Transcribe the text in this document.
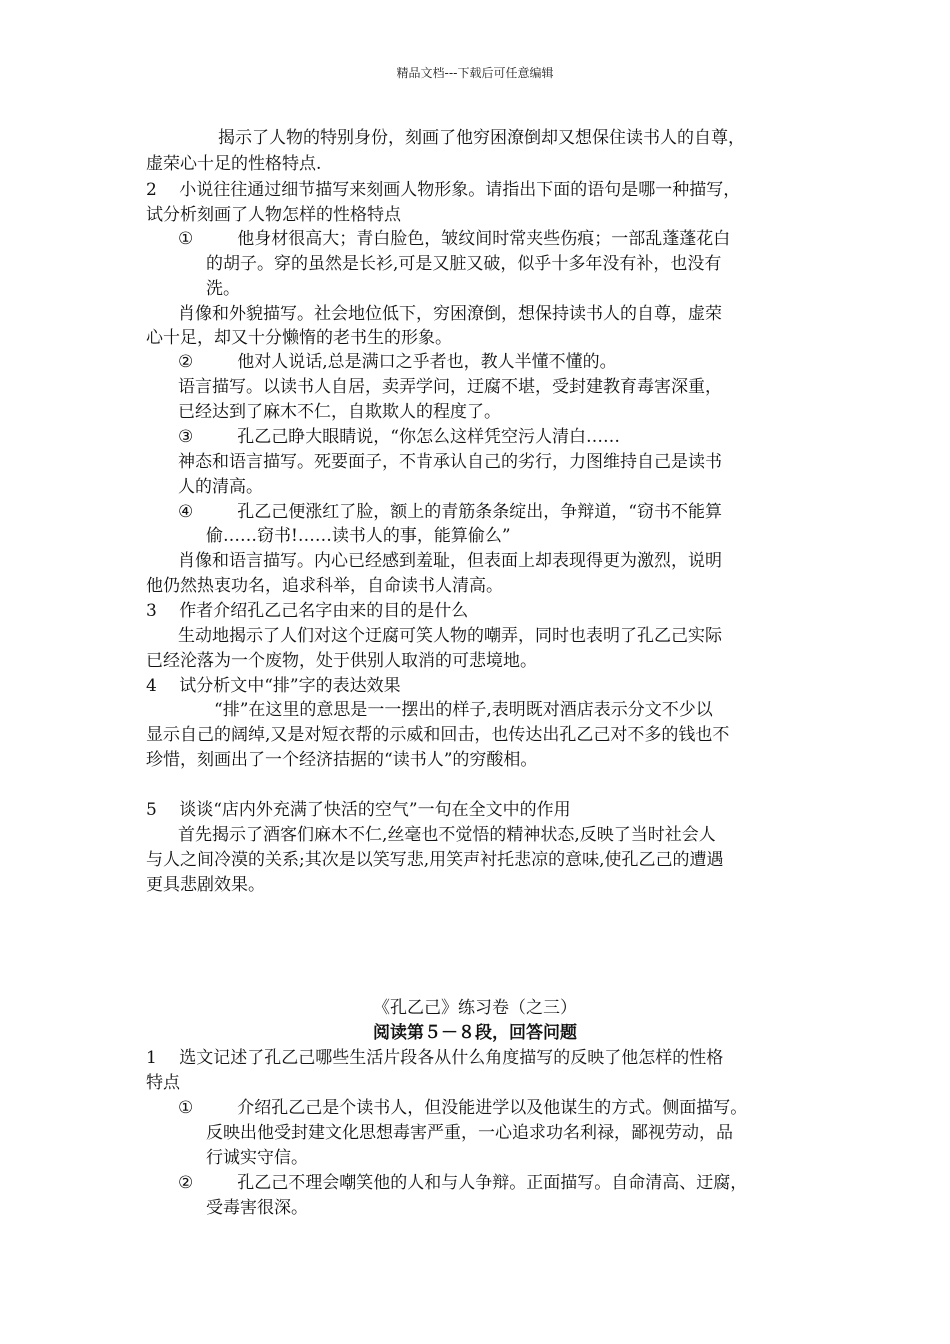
精品文档---下载后可任意编辑
揭示了人物的特别身份，刻画了他穷困潦倒却又想保住读书人的自尊，
虚荣心十足的性格特点.
2　 小说往往通过细节描写来刻画人物形象。请指出下面的语句是哪一种描写，
试分析刻画了人物怎样的性格特点
①	他身材很高大；青白脸色，皱纹间时常夹些伤痕；一部乱蓬蓬花白
的胡子。穿的虽然是长衫,可是又脏又破，似乎十多年没有补，也没有
洗。
肖像和外貌描写。社会地位低下，穷困潦倒，想保持读书人的自尊，虚荣
心十足，却又十分懒惰的老书生的形象。
②	他对人说话,总是满口之乎者也，教人半懂不懂的。
语言描写。以读书人自居，卖弄学问，迂腐不堪，受封建教育毒害深重，
已经达到了麻木不仁，自欺欺人的程度了。
③	孔乙己睁大眼睛说，“你怎么这样凭空污人清白……
神态和语言描写。死要面子，不肯承认自己的劣行，力图维持自己是读书
人的清高。
④	孔乙己便涨红了脸，额上的青筋条条绽出，争辩道，“窃书不能算
偷……窃书!……读书人的事，能算偷么”
肖像和语言描写。内心已经感到羞耻，但表面上却表现得更为激烈，说明
他仍然热衷功名，追求科举，自命读书人清高。
3　 作者介绍孔乙己名字由来的目的是什么
生动地揭示了人们对这个迂腐可笑人物的嘲弄，同时也表明了孔乙己实际
已经沦落为一个废物，处于供别人取消的可悲境地。
4　 试分析文中“排”字的表达效果
“排”在这里的意思是一一摆出的样子,表明既对酒店表示分文不少以
显示自己的阔绰,又是对短衣帮的示威和回击，也传达出孔乙己对不多的钱也不
珍惜，刻画出了一个经济拮据的“读书人”的穷酸相。
5　 谈谈“店内外充满了快活的空气”一句在全文中的作用
首先揭示了酒客们麻木不仁,丝毫也不觉悟的精神状态,反映了当时社会人
与人之间冷漠的关系;其次是以笑写悲,用笑声衬托悲凉的意味,使孔乙己的遭遇
更具悲剧效果。
《孔乙己》练习卷（之三）
阅读第５－８段，回答问题
1　 选文记述了孔乙己哪些生活片段各从什么角度描写的反映了他怎样的性格
特点
①	介绍孔乙己是个读书人，但没能进学以及他谋生的方式。侧面描写。
反映出他受封建文化思想毒害严重，一心追求功名利禄，鄙视劳动，品
行诚实守信。
②	孔乙己不理会嘲笑他的人和与人争辩。正面描写。自命清高、迂腐，
受毒害很深。
